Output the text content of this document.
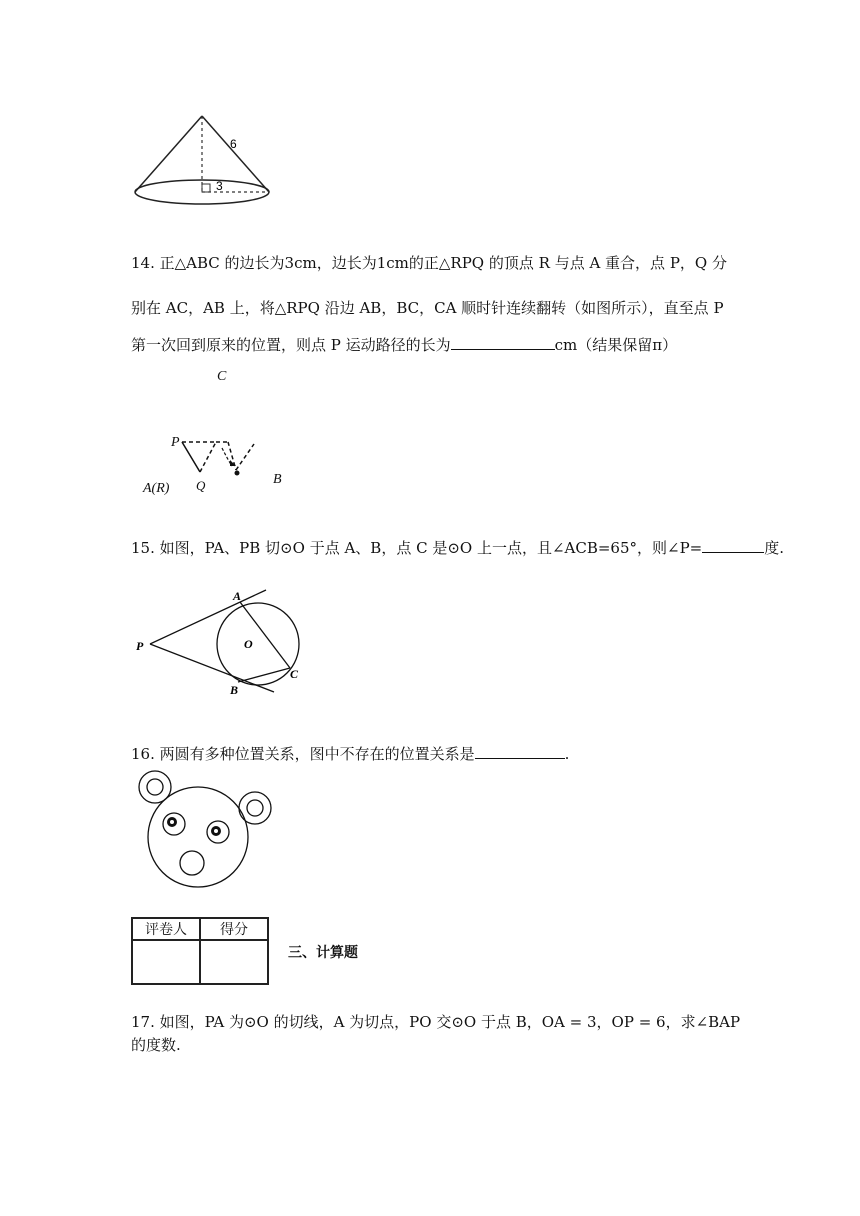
6
3
14. 正△ABC 的边长为3cm，边长为1cm的正△RPQ 的顶点 R 与点 A 重合，点 P，Q 分
别在 AC，AB 上，将△RPQ 沿边 AB，BC，CA 顺时针连续翻转（如图所示），直至点 P
第一次回到原来的位置，则点 P 运动路径的长为	cm（结果保留π）
C
P
Q
A(R)
B
15. 如图，PA、PB 切⊙O 于点 A、B，点 C 是⊙O 上一点，且∠ACB=65°，则∠P=	度.
A
B
C
O
P
16. 两圆有多种位置关系，图中不存在的位置关系是	.
评卷人	得分

三、计算题
17. 如图，PA 为⊙O 的切线，A 为切点，PO 交⊙O 于点 B，OA = 3，OP = 6，求∠BAP
的度数.
